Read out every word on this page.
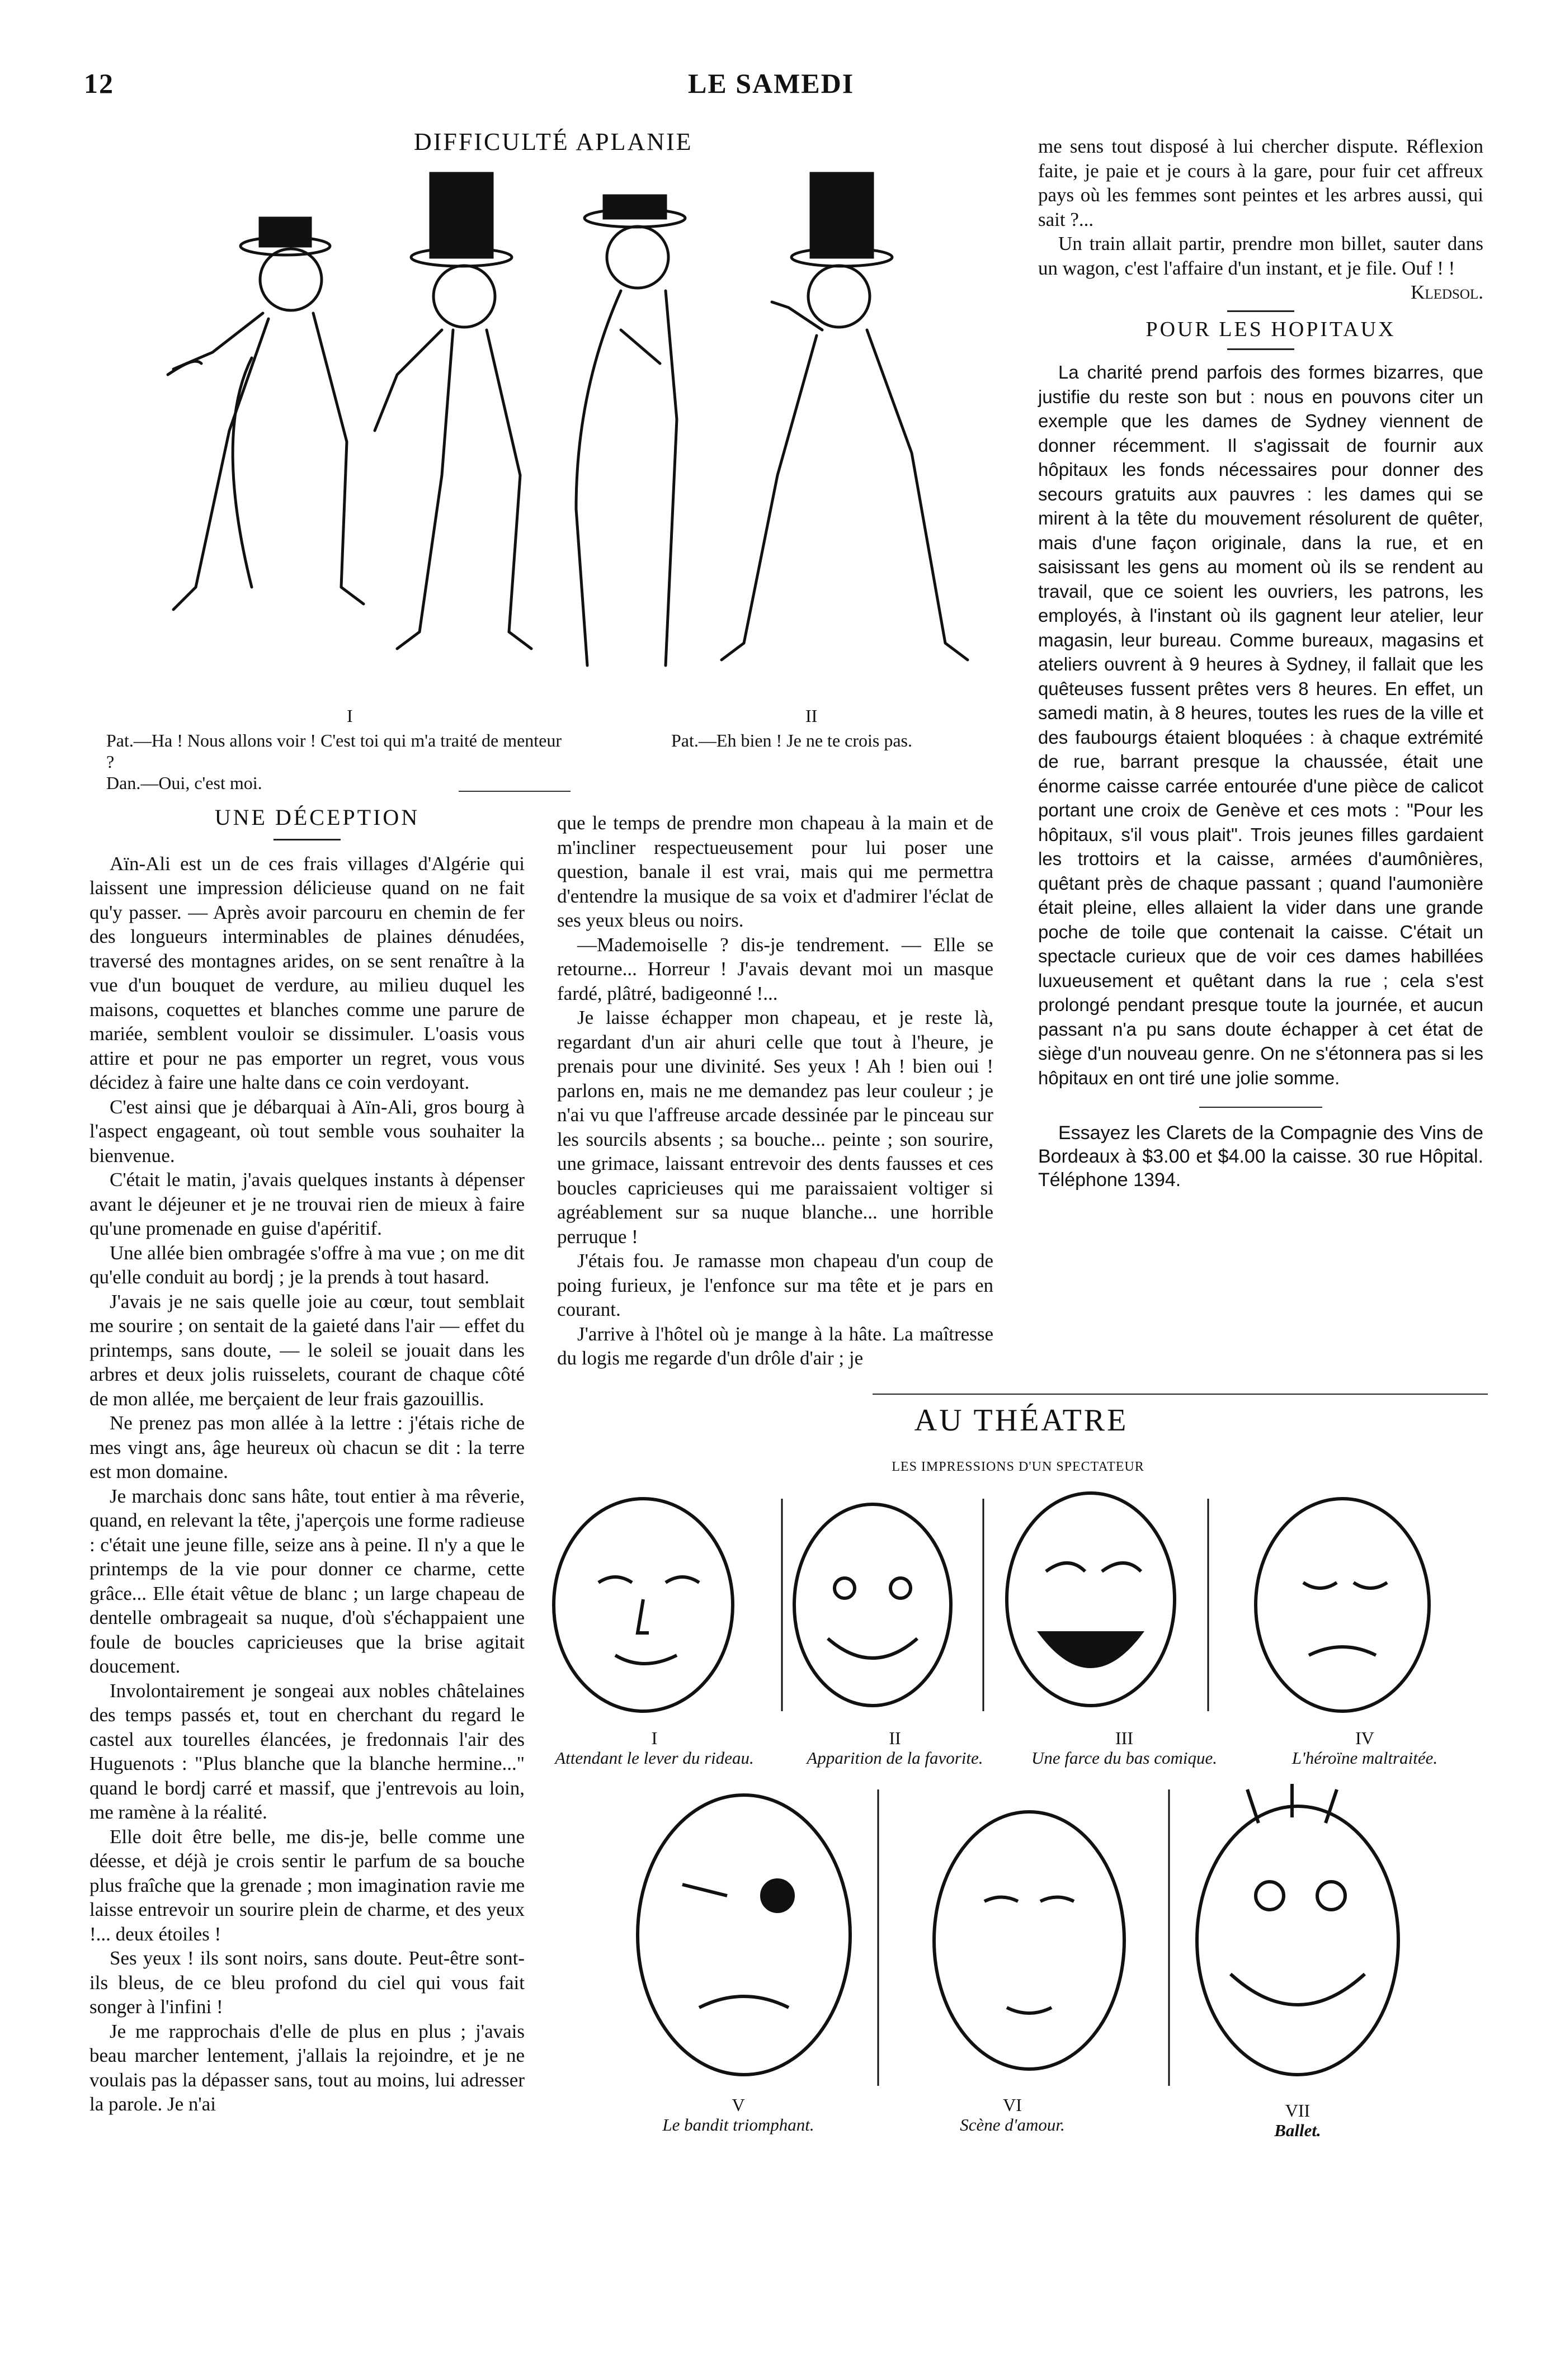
12	LE SAMEDI
DIFFICULTÉ APLANIE
I	II
Pat.—Ha ! Nous allons voir ! C'est toi qui m'a traité de menteur ?
Dan.—Oui, c'est moi.
Pat.—Eh bien ! Je ne te crois pas.

UNE DÉCEPTION

Aïn-Ali est un de ces frais villages d'Algérie qui laissent une impression délicieuse quand on ne fait qu'y passer. — Après avoir parcouru en chemin de fer des longueurs interminables de plaines dénudées, traversé des montagnes arides, on se sent renaître à la vue d'un bouquet de verdure, au milieu duquel les maisons, coquettes et blanches comme une parure de mariée, semblent vouloir se dissimuler. L'oasis vous attire et pour ne pas emporter un regret, vous vous décidez à faire une halte dans ce coin verdoyant.

C'est ainsi que je débarquai à Aïn-Ali, gros bourg à l'aspect engageant, où tout semble vous souhaiter la bienvenue.

C'était le matin, j'avais quelques instants à dépenser avant le déjeuner et je ne trouvai rien de mieux à faire qu'une promenade en guise d'apéritif.

Une allée bien ombragée s'offre à ma vue ; on me dit qu'elle conduit au bordj ; je la prends à tout hasard.

J'avais je ne sais quelle joie au cœur, tout semblait me sourire ; on sentait de la gaieté dans l'air — effet du printemps, sans doute, — le soleil se jouait dans les arbres et deux jolis ruisselets, courant de chaque côté de mon allée, me berçaient de leur frais gazouillis.

Ne prenez pas mon allée à la lettre : j'étais riche de mes vingt ans, âge heureux où chacun se dit : la terre est mon domaine.

Je marchais donc sans hâte, tout entier à ma rêverie, quand, en relevant la tête, j'aperçois une forme radieuse : c'était une jeune fille, seize ans à peine. Il n'y a que le printemps de la vie pour donner ce charme, cette grâce... Elle était vêtue de blanc ; un large chapeau de dentelle ombrageait sa nuque, d'où s'échappaient une foule de boucles capricieuses que la brise agitait doucement.

Involontairement je songeai aux nobles châtelaines des temps passés et, tout en cherchant du regard le castel aux tourelles élancées, je fredonnais l'air des Huguenots : "Plus blanche que la blanche hermine..." quand le bordj carré et massif, que j'entrevois au loin, me ramène à la réalité.

Elle doit être belle, me dis-je, belle comme une déesse, et déjà je crois sentir le parfum de sa bouche plus fraîche que la grenade ; mon imagination ravie me laisse entrevoir un sourire plein de charme, et des yeux !... deux étoiles !

Ses yeux ! ils sont noirs, sans doute. Peut-être sont-ils bleus, de ce bleu profond du ciel qui vous fait songer à l'infini !

Je me rapprochais d'elle de plus en plus ; j'avais beau marcher lentement, j'allais la rejoindre, et je ne voulais pas la dépasser sans, tout au moins, lui adresser la parole. Je n'ai

que le temps de prendre mon chapeau à la main et de m'incliner respectueusement pour lui poser une question, banale il est vrai, mais qui me permettra d'entendre la musique de sa voix et d'admirer l'éclat de ses yeux bleus ou noirs.

—Mademoiselle ? dis-je tendrement. — Elle se retourne... Horreur ! J'avais devant moi un masque fardé, plâtré, badigeonné !...

Je laisse échapper mon chapeau, et je reste là, regardant d'un air ahuri celle que tout à l'heure, je prenais pour une divinité. Ses yeux ! Ah ! bien oui ! parlons en, mais ne me demandez pas leur couleur ; je n'ai vu que l'affreuse arcade dessinée par le pinceau sur les sourcils absents ; sa bouche... peinte ; son sourire, une grimace, laissant entrevoir des dents fausses et ces boucles capricieuses qui me paraissaient voltiger si agréablement sur sa nuque blanche... une horrible perruque !

J'étais fou. Je ramasse mon chapeau d'un coup de poing furieux, je l'enfonce sur ma tête et je pars en courant.

J'arrive à l'hôtel où je mange à la hâte. La maîtresse du logis me regarde d'un drôle d'air ; je

me sens tout disposé à lui chercher dispute. Réflexion faite, je paie et je cours à la gare, pour fuir cet affreux pays où les femmes sont peintes et les arbres aussi, qui sait ?...

Un train allait partir, prendre mon billet, sauter dans un wagon, c'est l'affaire d'un instant, et je file. Ouf ! !

Kledsol.

POUR LES HOPITAUX

La charité prend parfois des formes bizarres, que justifie du reste son but : nous en pouvons citer un exemple que les dames de Sydney viennent de donner récemment. Il s'agissait de fournir aux hôpitaux les fonds nécessaires pour donner des secours gratuits aux pauvres : les dames qui se mirent à la tête du mouvement résolurent de quêter, mais d'une façon originale, dans la rue, et en saisissant les gens au moment où ils se rendent au travail, que ce soient les ouvriers, les patrons, les employés, à l'instant où ils gagnent leur atelier, leur magasin, leur bureau. Comme bureaux, magasins et ateliers ouvrent à 9 heures à Sydney, il fallait que les quêteuses fussent prêtes vers 8 heures. En effet, un samedi matin, à 8 heures, toutes les rues de la ville et des faubourgs étaient bloquées : à chaque extrémité de rue, barrant presque la chaussée, était une énorme caisse carrée entourée d'une pièce de calicot portant une croix de Genève et ces mots : "Pour les hôpitaux, s'il vous plait". Trois jeunes filles gardaient les trottoirs et la caisse, armées d'aumônières, quêtant près de chaque passant ; quand l'aumonière était pleine, elles allaient la vider dans une grande poche de toile que contenait la caisse. C'était un spectacle curieux que de voir ces dames habillées luxueusement et quêtant dans la rue ; cela s'est prolongé pendant presque toute la journée, et aucun passant n'a pu sans doute échapper à cet état de siège d'un nouveau genre. On ne s'étonnera pas si les hôpitaux en ont tiré une jolie somme.

Essayez les Clarets de la Compagnie des Vins de Bordeaux à $3.00 et $4.00 la caisse. 30 rue Hôpital. Téléphone 1394.

AU THÉATRE
LES IMPRESSIONS D'UN SPECTATEUR
I
Attendant le lever du rideau.
II
Apparition de la favorite.
III
Une farce du bas comique.
IV
L'héroïne maltraitée.
V
Le bandit triomphant.
VI
Scène d'amour.
VII
Ballet.
